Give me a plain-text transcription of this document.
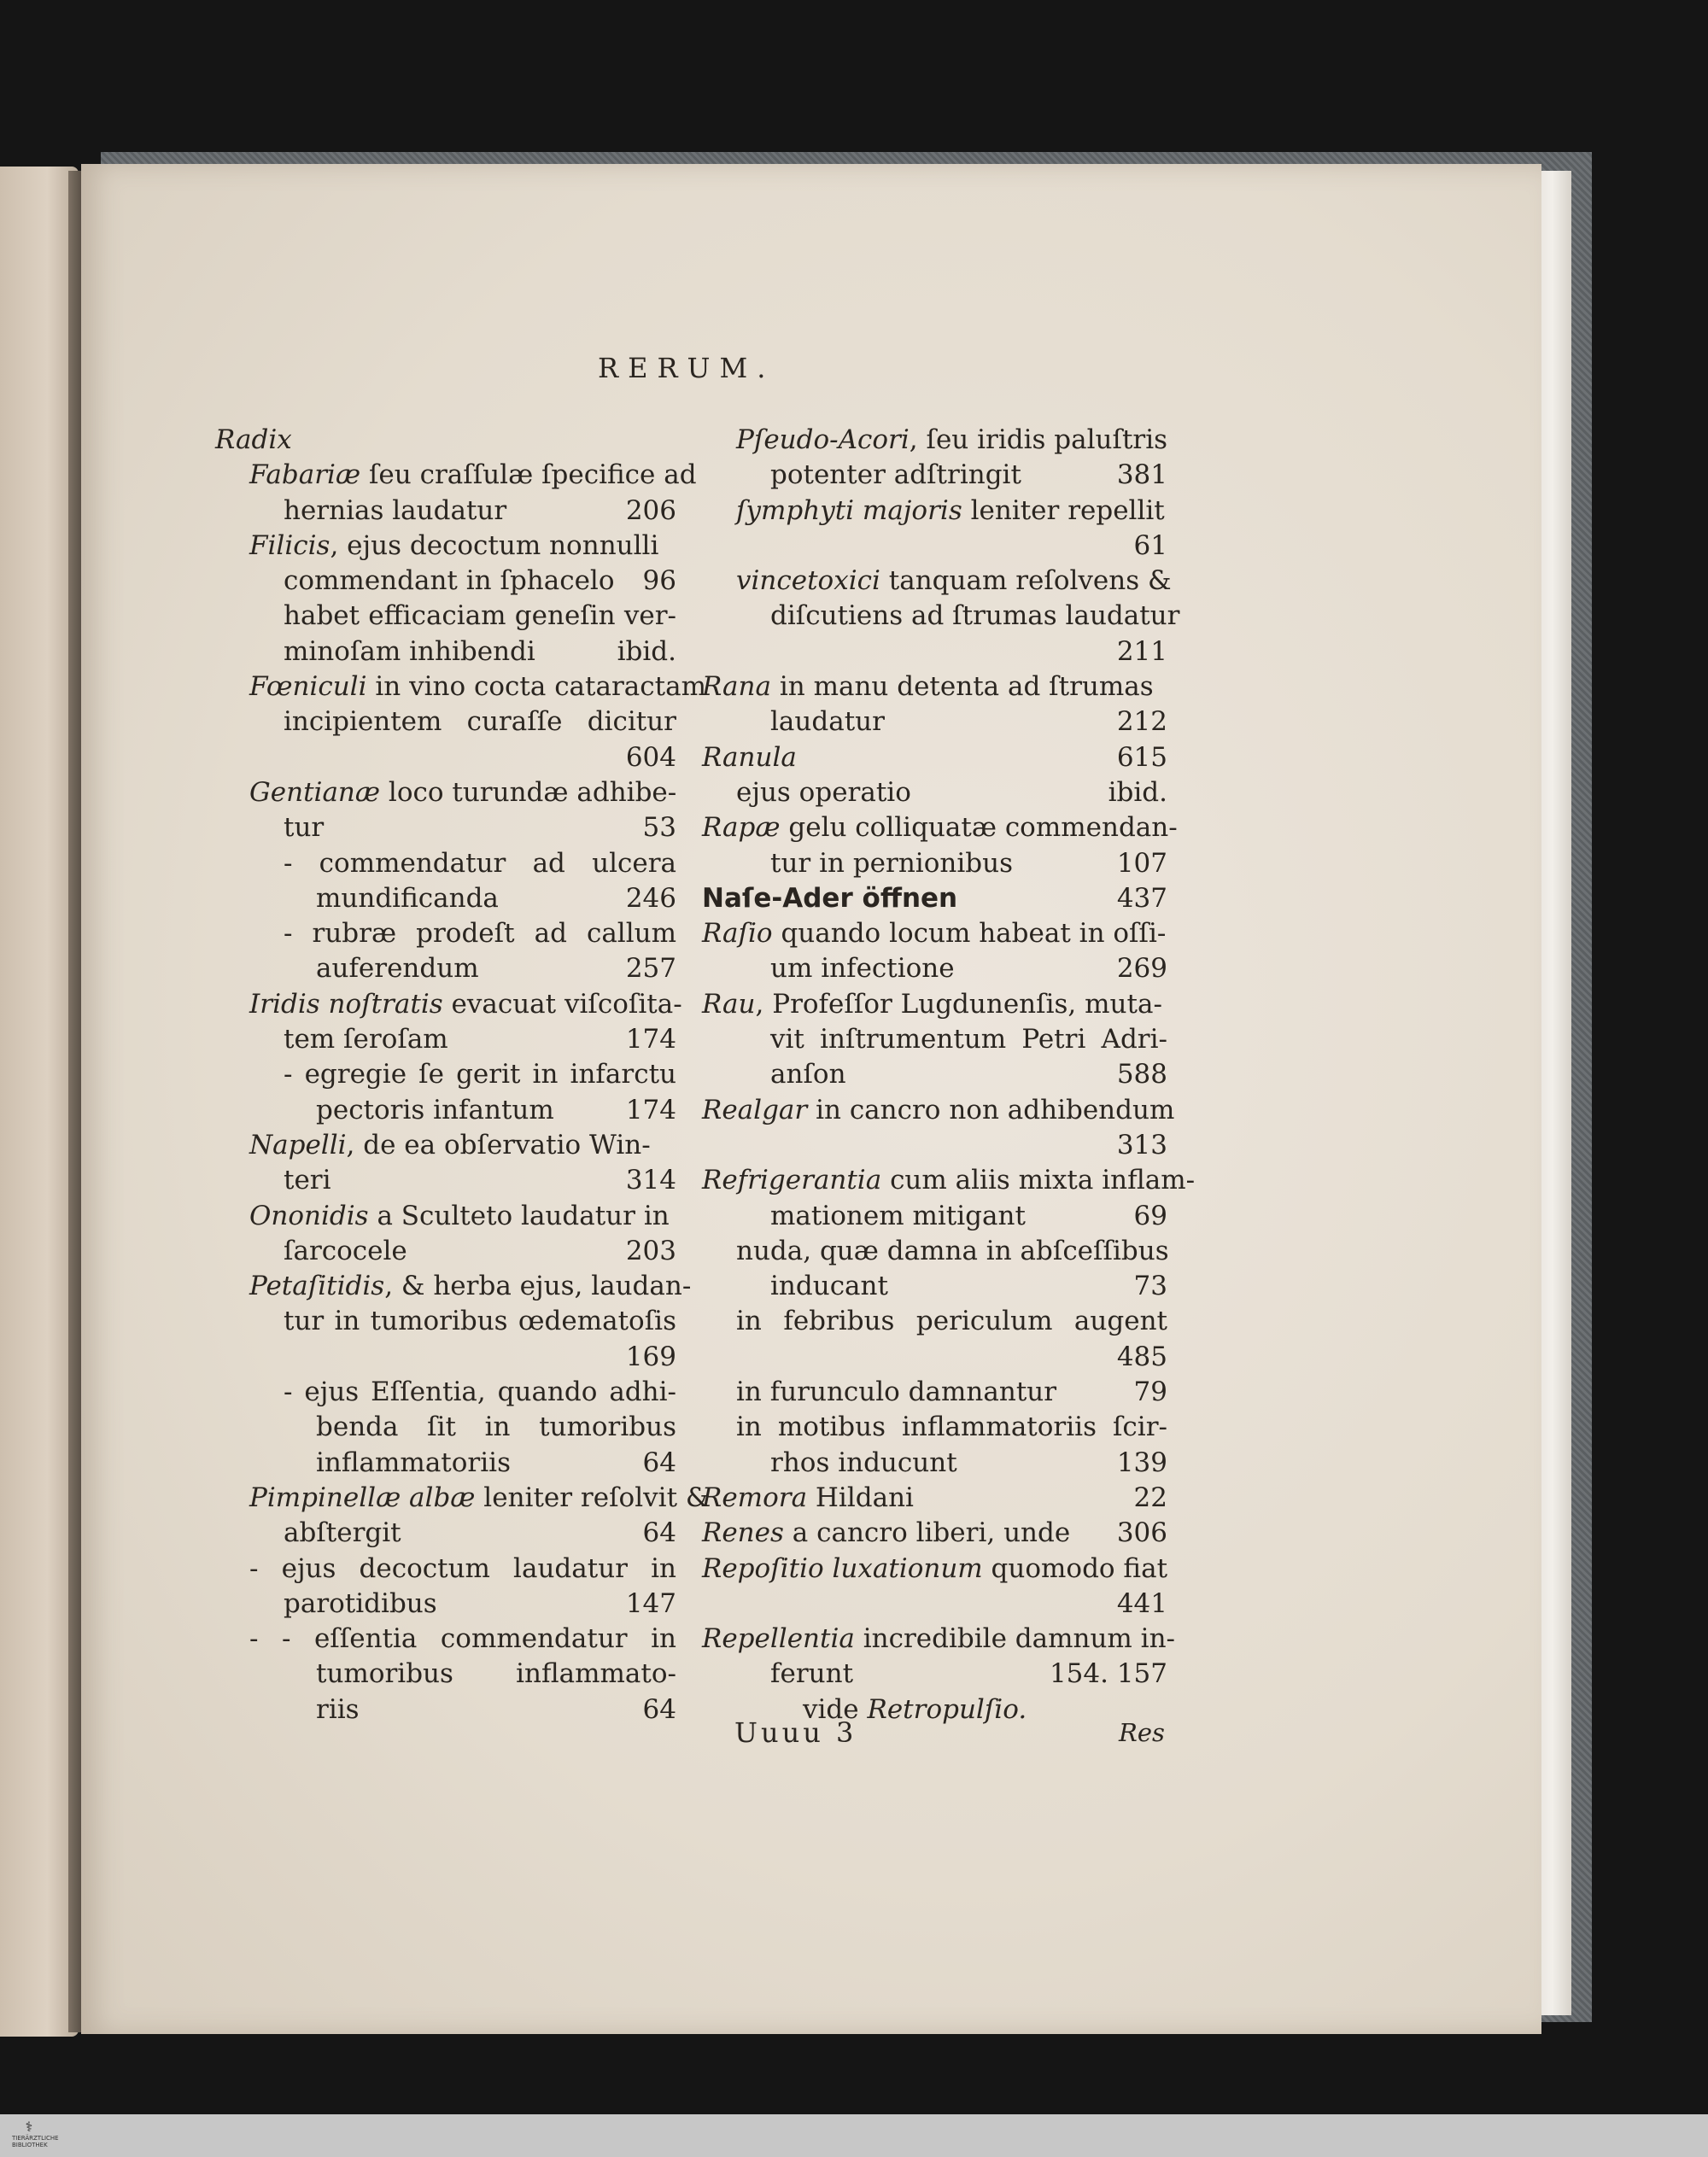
RERUM.
Radix
Fabariæ ſeu craſſulæ ſpecifice ad
hernias laudatur	206
Filicis, ejus decoctum nonnulli
commendant in ſphacelo 96
habet efficaciam geneſin ver-
minoſam inhibendi	ibid.
Fœniculi in vino cocta cataractam
incipientem curaſſe dicitur
604
Gentianæ loco turundæ adhibe-
tur	53
- commendatur ad ulcera
mundificanda	246
- rubræ prodeſt ad callum
auferendum	257
Iridis noſtratis evacuat viſcoſita-
tem ſeroſam	174
- egregie ſe gerit in infarctu
pectoris infantum	174
Napelli, de ea obſervatio Win-
teri	314
Ononidis a Sculteto laudatur in
ſarcocele	203
Petaſitidis, & herba ejus, laudan-
tur in tumoribus œdematoſis
169
- ejus Eſſentia, quando adhi-
benda ſit in tumoribus
inflammatoriis	64
Pimpinellæ albæ leniter reſolvit &
abſtergit	64
- ejus decoctum laudatur in
parotidibus	147
- - eſſentia commendatur in
tumoribus inflammato-
riis	64
Pſeudo-Acori, ſeu iridis paluſtris
potenter adſtringit	381
ſymphyti majoris leniter repellit
61
vincetoxici tanquam reſolvens &
diſcutiens ad ſtrumas laudatur
211
Rana in manu detenta ad ſtrumas
laudatur	212
Ranula	615
ejus operatio	ibid.
Rapæ gelu colliquatæ commendan-
tur in pernionibus	107
Naſe-Ader öffnen	437
Raſio quando locum habeat in oſſi-
um infectione	269
Rau, Profeſſor Lugdunenſis, muta-
vit inſtrumentum Petri Adri-
anſon	588
Realgar in cancro non adhibendum
313
Refrigerantia cum aliis mixta inflam-
mationem mitigant	69
nuda, quæ damna in abſceſſibus
inducant	73
in febribus periculum augent
485
in furunculo damnantur	79
in motibus inflammatoriis ſcir-
rhos inducunt	139
Remora Hildani	22
Renes a cancro liberi, unde 306
Repoſitio luxationum quomodo fiat
441
Repellentia incredibile damnum in-
ferunt	154. 157
vide Retropulſio.
Uuuu 3	Res
⚕
TIERÄRZTLICHE BIBLIOTHEK
